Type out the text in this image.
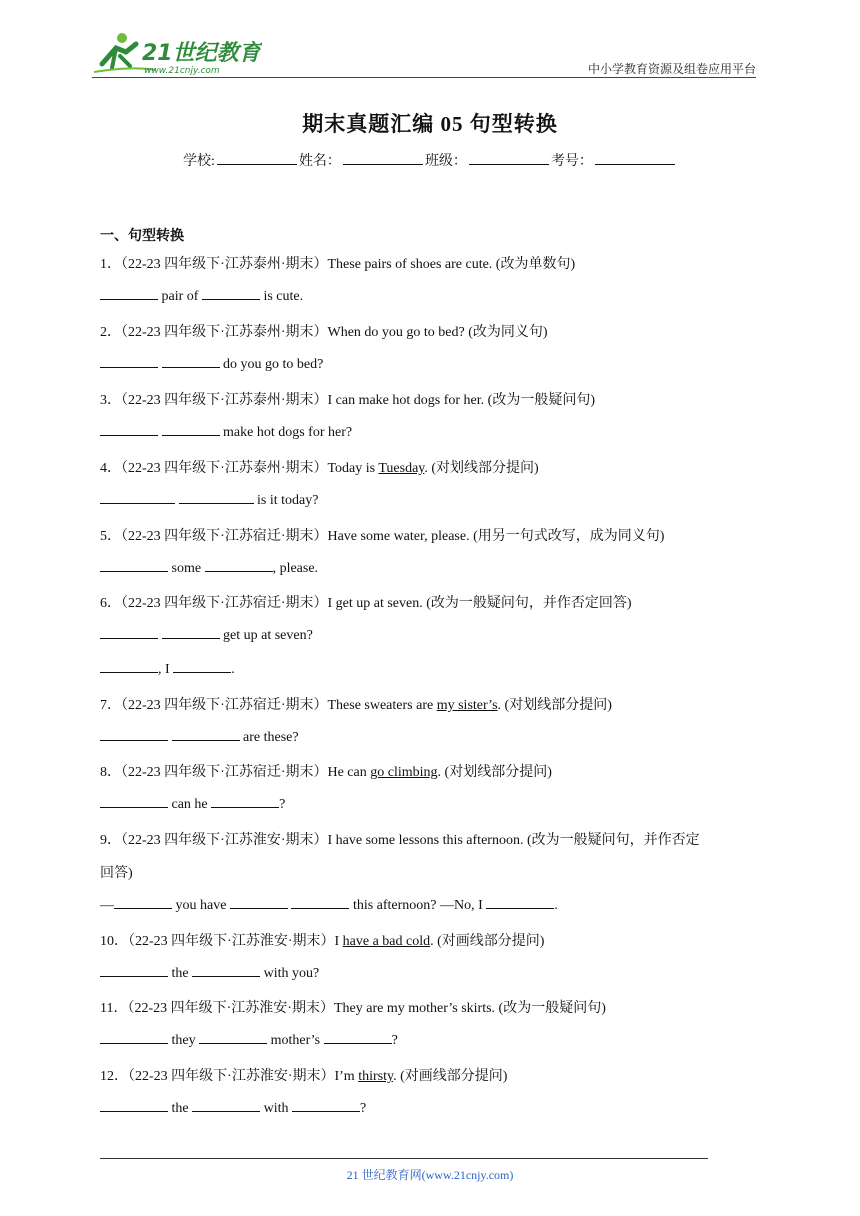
21世纪教育
www.21cnjy.com	中小学教育资源及组卷应用平台
期末真题汇编 05 句型转换
学校:	姓名：	班级：	考号：
一、句型转换
1．（22-23 四年级下·江苏泰州·期末）These pairs of shoes are cute. (改为单数句)
pair of	is cute.
2．（22-23 四年级下·江苏泰州·期末）When do you go to bed? (改为同义句)
do you go to bed?
3．（22-23 四年级下·江苏泰州·期末）I can make hot dogs for her. (改为一般疑问句)
make hot dogs for her?
4．（22-23 四年级下·江苏泰州·期末）Today is Tuesday. (对划线部分提问)
is it today?
5．（22-23 四年级下·江苏宿迁·期末）Have some water, please. (用另一句式改写，成为同义句)
some	, please.
6．（22-23 四年级下·江苏宿迁·期末）I get up at seven. (改为一般疑问句，并作否定回答)
get up at seven?
, I	.
7．（22-23 四年级下·江苏宿迁·期末）These sweaters are my sister’s. (对划线部分提问)
are these?
8．（22-23 四年级下·江苏宿迁·期末）He can go climbing. (对划线部分提问)
can he	?
9．（22-23 四年级下·江苏淮安·期末）I have some lessons this afternoon. (改为一般疑问句，并作否定
回答)
—	you have	this afternoon? —No, I	.
10．（22-23 四年级下·江苏淮安·期末）I have a bad cold. (对画线部分提问)
the	with you?
11．（22-23 四年级下·江苏淮安·期末）They are my mother’s skirts. (改为一般疑问句)
they	mother’s	?
12．（22-23 四年级下·江苏淮安·期末）I’m thirsty. (对画线部分提问)
the	with	?
21 世纪教育网(www.21cnjy.com)
